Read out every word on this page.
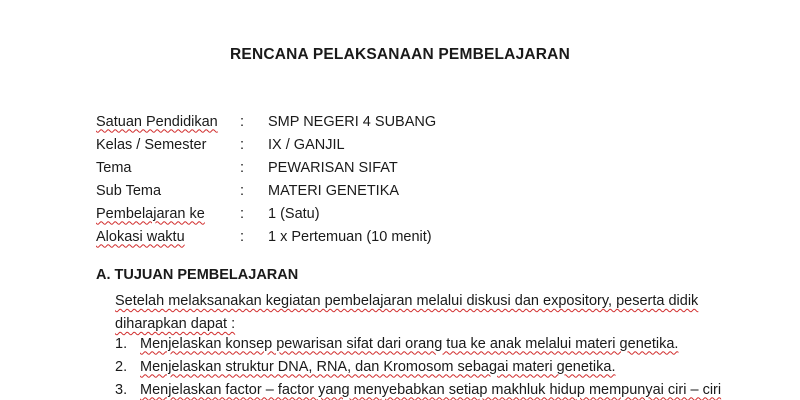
RENCANA PELAKSANAAN PEMBELAJARAN
Satuan Pendidikan	:	SMP NEGERI 4 SUBANG
Kelas / Semester	:	IX / GANJIL
Tema	:	PEWARISAN SIFAT
Sub Tema	:	MATERI GENETIKA
Pembelajaran ke	:	1 (Satu)
Alokasi waktu	:	1 x Pertemuan (10 menit)
A. TUJUAN PEMBELAJARAN
Setelah melaksanakan kegiatan pembelajaran melalui diskusi dan expository, peserta didik
diharapkan dapat :
1. Menjelaskan konsep pewarisan sifat dari orang tua ke anak melalui materi genetika.
2. Menjelaskan struktur DNA, RNA, dan Kromosom sebagai materi genetika.
3. Menjelaskan factor – factor yang menyebabkan setiap makhluk hidup mempunyai ciri – ciri
